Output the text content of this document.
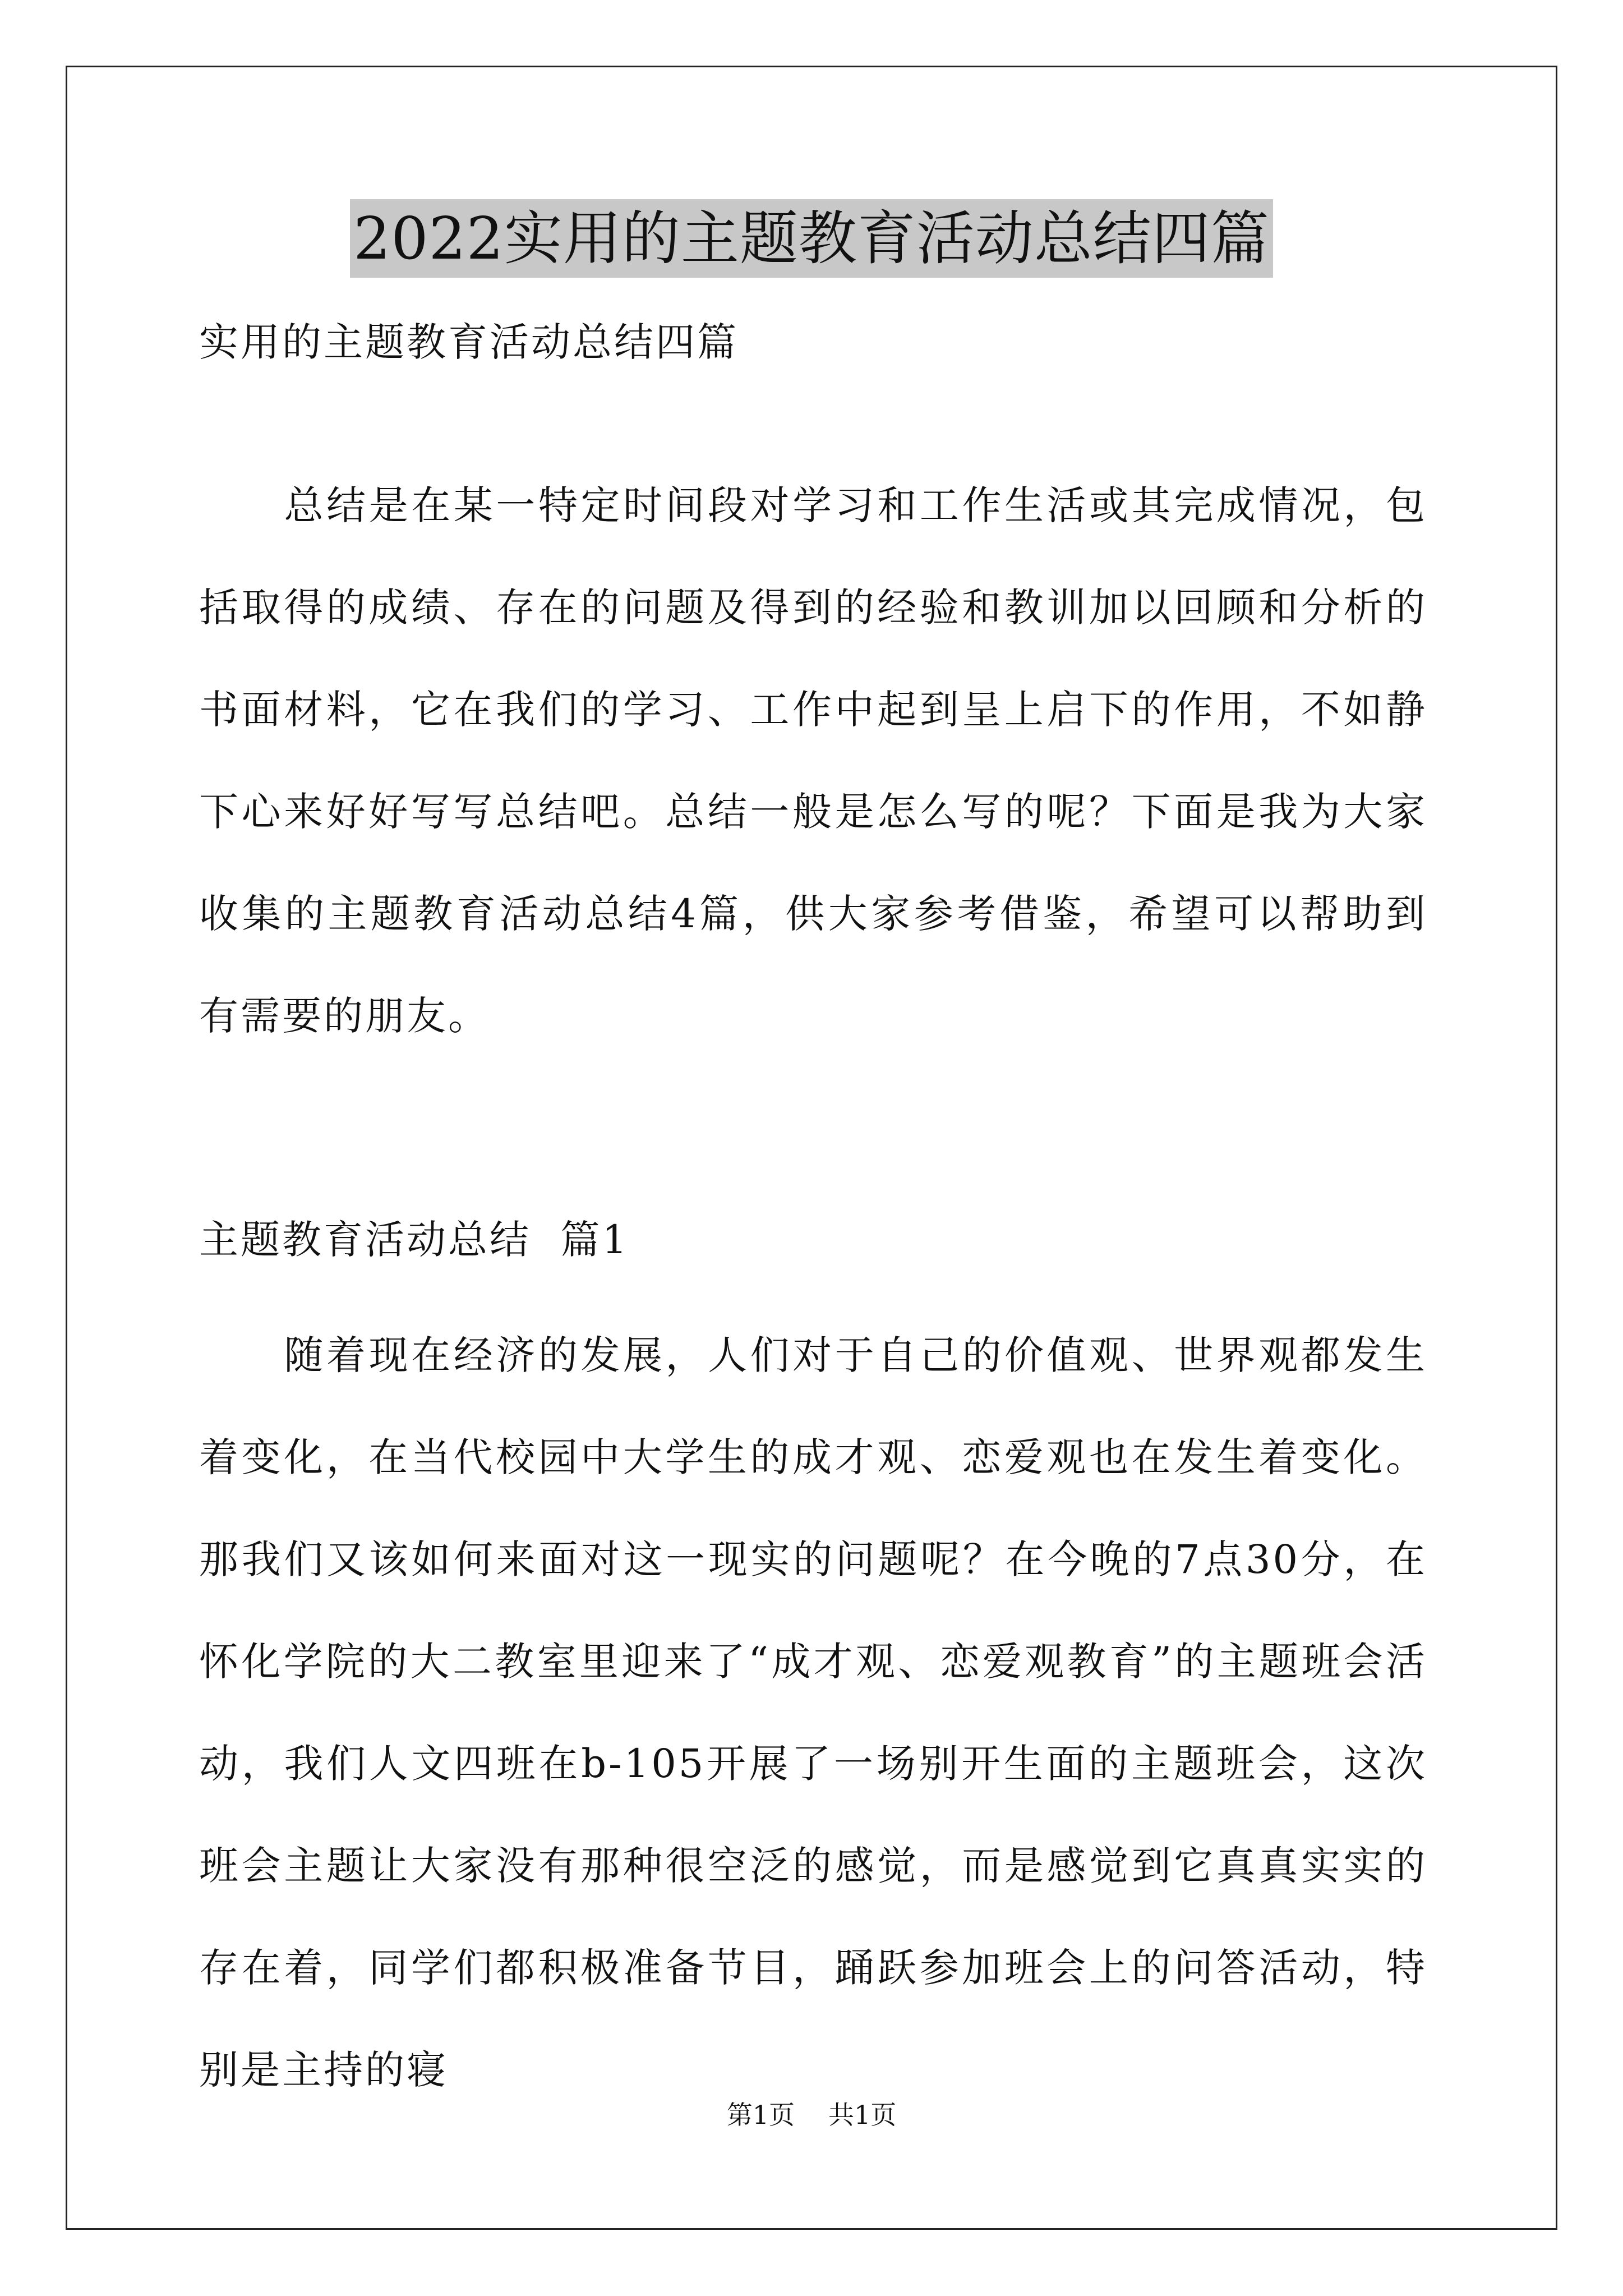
2022实用的主题教育活动总结四篇
实用的主题教育活动总结四篇
总结是在某一特定时间段对学习和工作生活或其完成情况，包括取得的成绩、存在的问题及得到的经验和教训加以回顾和分析的书面材料，它在我们的学习、工作中起到呈上启下的作用，不如静下心来好好写写总结吧。总结一般是怎么写的呢？下面是我为大家收集的主题教育活动总结4篇，供大家参考借鉴，希望可以帮助到有需要的朋友。
主题教育活动总结  篇1
随着现在经济的发展，人们对于自己的价值观、世界观都发生着变化，在当代校园中大学生的成才观、恋爱观也在发生着变化。那我们又该如何来面对这一现实的问题呢？在今晚的7点30分，在怀化学院的大二教室里迎来了“成才观、恋爱观教育”的主题班会活动，我们人文四班在b-105开展了一场别开生面的主题班会，这次班会主题让大家没有那种很空泛的感觉，而是感觉到它真真实实的存在着，同学们都积极准备节目，踊跃参加班会上的问答活动，特别是主持的寝
第1页 共1页
